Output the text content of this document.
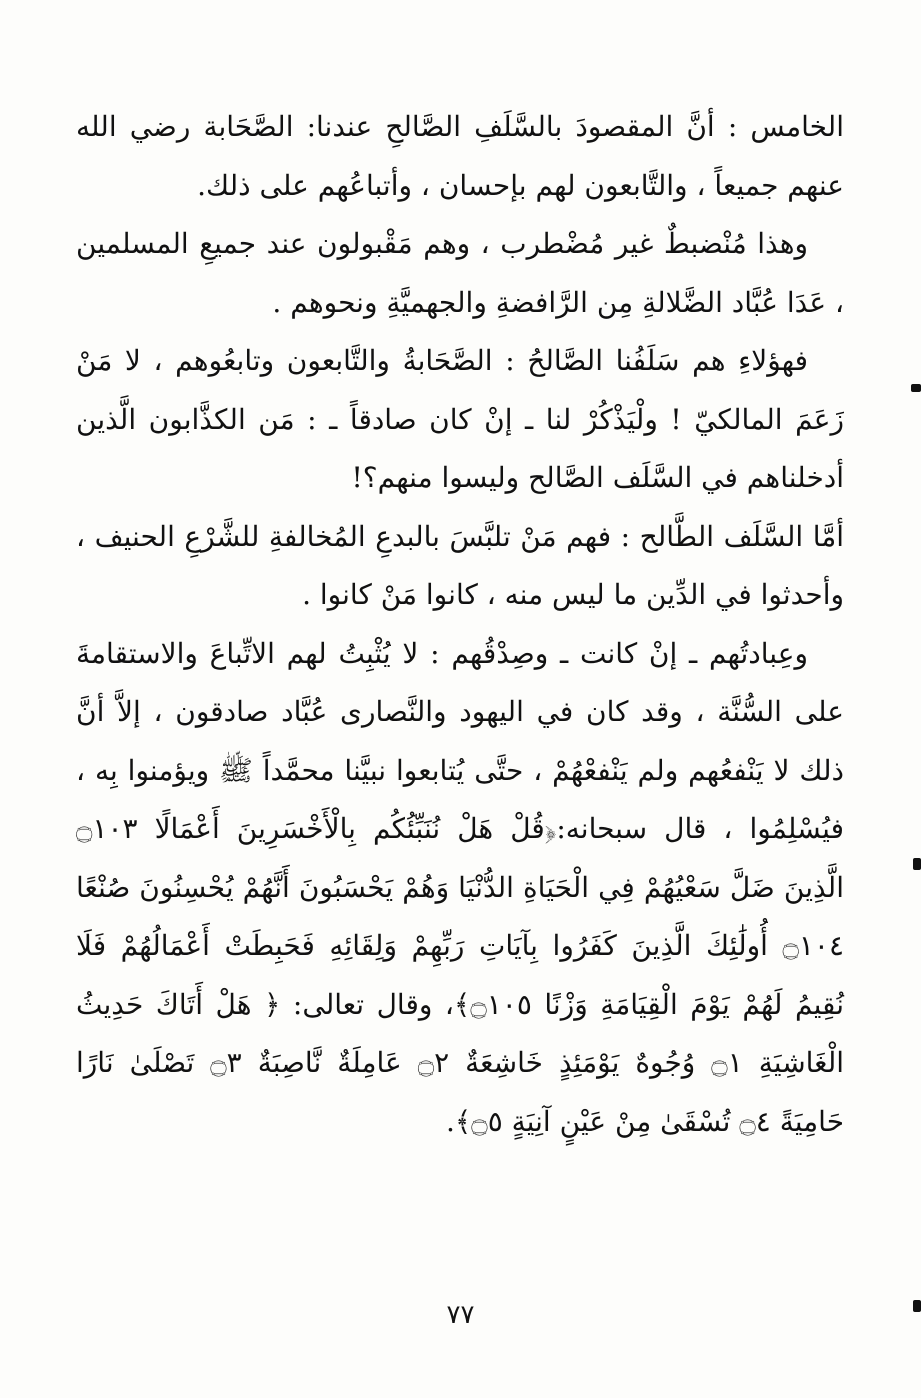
الخامس : أنَّ المقصودَ بالسَّلَفِ الصَّالحِ عندنا: الصَّحَابة رضي الله عنهم جميعاً ، والتَّابعون لهم بإحسان ، وأتباعُهم على ذلك.

وهذا مُنْضبطٌ غير مُضْطرب ، وهم مَقْبولون عند جميعِ المسلمين ، عَدَا عُبَّاد الضَّلالةِ مِن الرَّافضةِ والجهميَّةِ ونحوهم .

فهؤلاءِ هم سَلَفُنا الصَّالحُ : الصَّحَابةُ والتَّابعون وتابعُوهم ، لا مَنْ زَعَمَ المالكيّ ! ولْيَذْكُرْ لنا ـ إنْ كان صادقاً ـ : مَن الكذَّابون الَّذين أدخلناهم في السَّلَف الصَّالح وليسوا منهم؟!

أمَّا السَّلَف الطَّالح : فهم مَنْ تلبَّسَ بالبدعِ المُخالفةِ للشَّرْعِ الحنيف ، وأحدثوا في الدِّين ما ليس منه ، كانوا مَنْ كانوا .

وعِبادتُهم ـ إنْ كانت ـ وصِدْقُهم : لا يُثْبِتُ لهم الاتِّباعَ والاستقامةَ على السُّنَّة ، وقد كان في اليهود والنَّصارى عُبَّاد صادقون ، إلاَّ أنَّ ذلك لا يَنْفعُهم ولم يَنْفعْهُمْ ، حتَّى يُتابعوا نبيَّنا محمَّداً ﷺ ويؤمنوا بِه ، فيُسْلِمُوا ، قال سبحانه:﴿قُلْ هَلْ نُنَبِّئُكُم بِالْأَخْسَرِينَ أَعْمَالًا ۝١٠٣ الَّذِينَ ضَلَّ سَعْيُهُمْ فِي الْحَيَاةِ الدُّنْيَا وَهُمْ يَحْسَبُونَ أَنَّهُمْ يُحْسِنُونَ صُنْعًا ۝١٠٤ أُولَٰئِكَ الَّذِينَ كَفَرُوا بِآيَاتِ رَبِّهِمْ وَلِقَائِهِ فَحَبِطَتْ أَعْمَالُهُمْ فَلَا نُقِيمُ لَهُمْ يَوْمَ الْقِيَامَةِ وَزْنًا ۝١٠٥﴾، وقال تعالى: ﴿ هَلْ أَتَاكَ حَدِيثُ الْغَاشِيَةِ ۝١ وُجُوهٌ يَوْمَئِذٍ خَاشِعَةٌ ۝٢ عَامِلَةٌ نَّاصِبَةٌ ۝٣ تَصْلَىٰ نَارًا حَامِيَةً ۝٤ تُسْقَىٰ مِنْ عَيْنٍ آنِيَةٍ ۝٥﴾.

٧٧
